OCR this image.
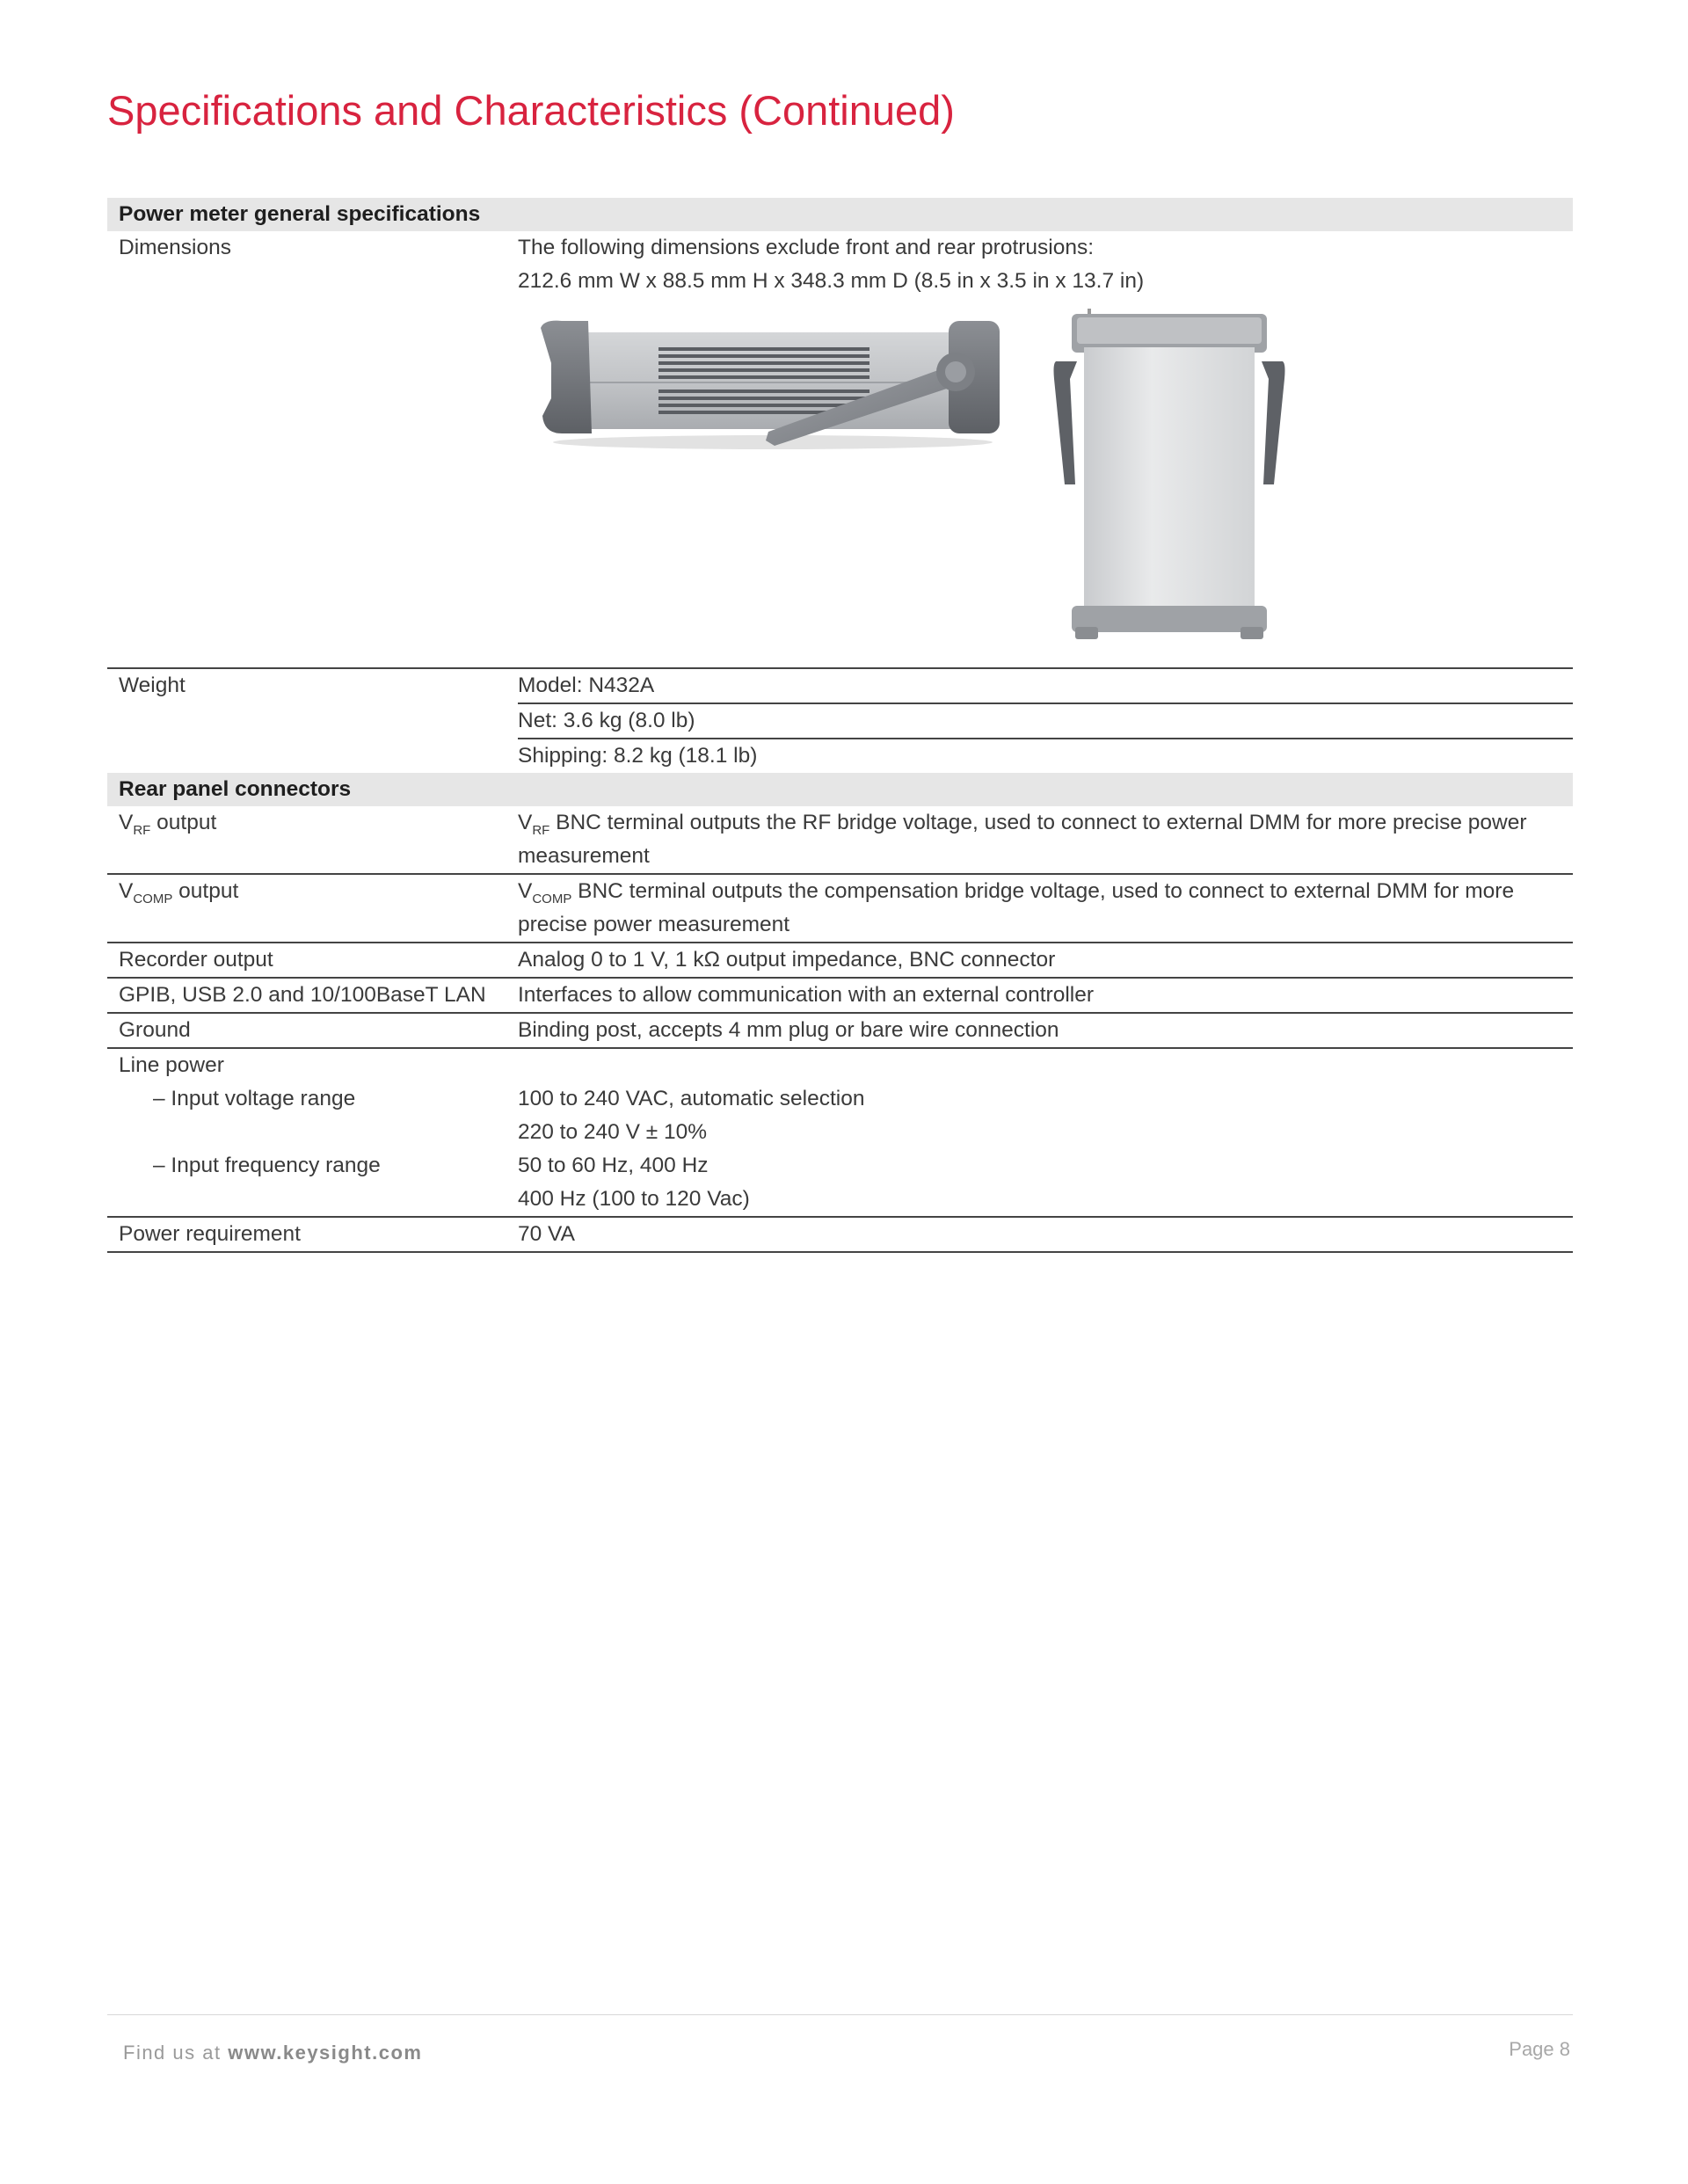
Specifications and Characteristics (Continued)
Power meter general specifications
Dimensions	The following dimensions exclude front and rear protrusions:
212.6 mm W x 88.5 mm H x 348.3 mm D (8.5 in x 3.5 in x 13.7 in)
Weight	Model: N432A
Net: 3.6 kg (8.0 lb)
Shipping: 8.2 kg (18.1 lb)
Rear panel connectors
$V_{RF}$ output	$V_{RF}$ BNC terminal outputs the RF bridge voltage, used to connect to external DMM for more precise power measurement
$V_{COMP}$ output	$V_{COMP}$ BNC terminal outputs the compensation bridge voltage, used to connect to external DMM for more precise power measurement
Recorder output	Analog 0 to 1 V, 1 kΩ output impedance, BNC connector
GPIB, USB 2.0 and 10/100BaseT LAN	Interfaces to allow communication with an external controller
Ground	Binding post, accepts 4 mm plug or bare wire connection
Line power
– Input voltage range	100 to 240 VAC, automatic selection
220 to 240 V ± 10%
– Input frequency range	50 to 60 Hz, 400 Hz
400 Hz (100 to 120 Vac)
Power requirement	70 VA
Find us at www.keysight.com	Page 8
